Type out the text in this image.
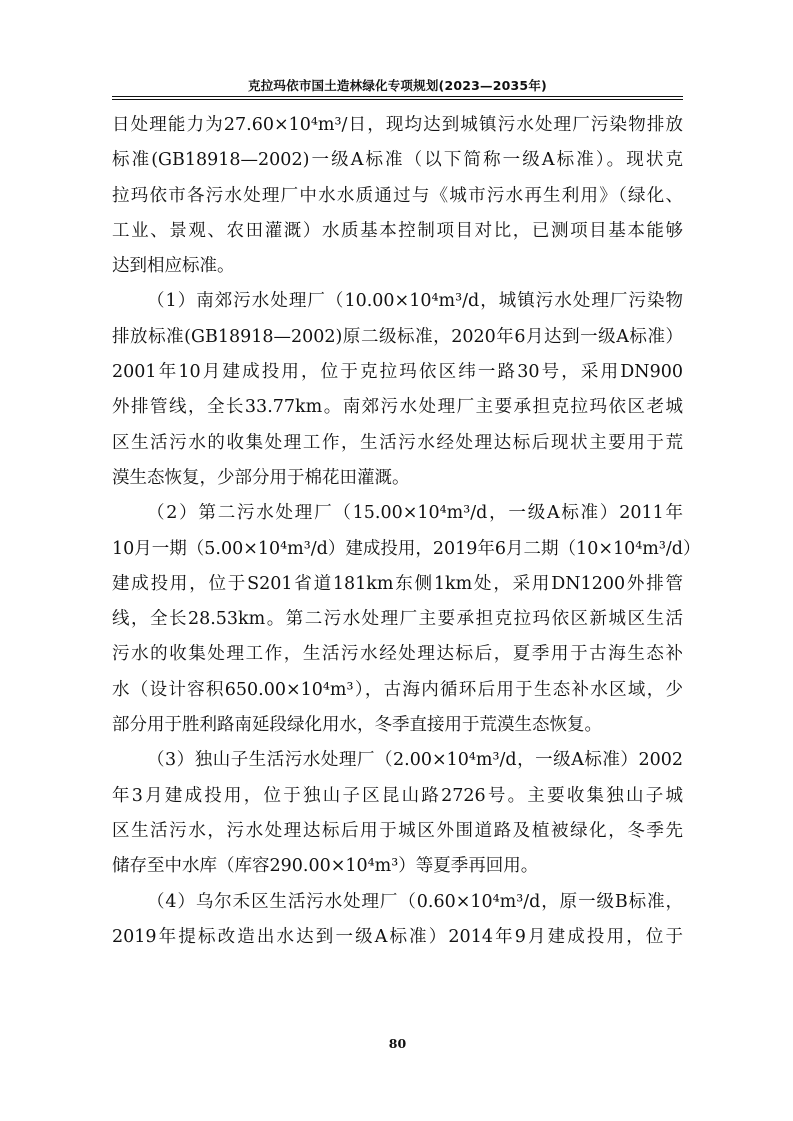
克拉玛依市国土造林绿化专项规划(2023—2035年)
日处理能力为27.60×10⁴m³/日，现均达到城镇污水处理厂污染物排放
标准(GB18918—2002)一级A标准（以下简称一级A标准）。现状克
拉玛依市各污水处理厂中水水质通过与《城市污水再生利用》（绿化、
工业、景观、农田灌溉）水质基本控制项目对比，已测项目基本能够
达到相应标准。
（1）南郊污水处理厂（10.00×10⁴m³/d，城镇污水处理厂污染物
排放标准(GB18918—2002)原二级标准，2020年6月达到一级A标准）
2001年10月建成投用，位于克拉玛依区纬一路30号，采用DN900
外排管线，全长33.77km。南郊污水处理厂主要承担克拉玛依区老城
区生活污水的收集处理工作，生活污水经处理达标后现状主要用于荒
漠生态恢复，少部分用于棉花田灌溉。
（2）第二污水处理厂（15.00×10⁴m³/d，一级A标准）2011年
10月一期（5.00×10⁴m³/d）建成投用，2019年6月二期（10×10⁴m³/d）
建成投用，位于S201省道181km东侧1km处，采用DN1200外排管
线，全长28.53km。第二污水处理厂主要承担克拉玛依区新城区生活
污水的收集处理工作，生活污水经处理达标后，夏季用于古海生态补
水（设计容积650.00×10⁴m³），古海内循环后用于生态补水区域，少
部分用于胜利路南延段绿化用水，冬季直接用于荒漠生态恢复。
（3）独山子生活污水处理厂（2.00×10⁴m³/d，一级A标准）2002
年3月建成投用，位于独山子区昆山路2726号。主要收集独山子城
区生活污水，污水处理达标后用于城区外围道路及植被绿化，冬季先
储存至中水库（库容290.00×10⁴m³）等夏季再回用。
（4）乌尔禾区生活污水处理厂（0.60×10⁴m³/d，原一级B标准，
2019年提标改造出水达到一级A标准）2014年9月建成投用，位于
80
